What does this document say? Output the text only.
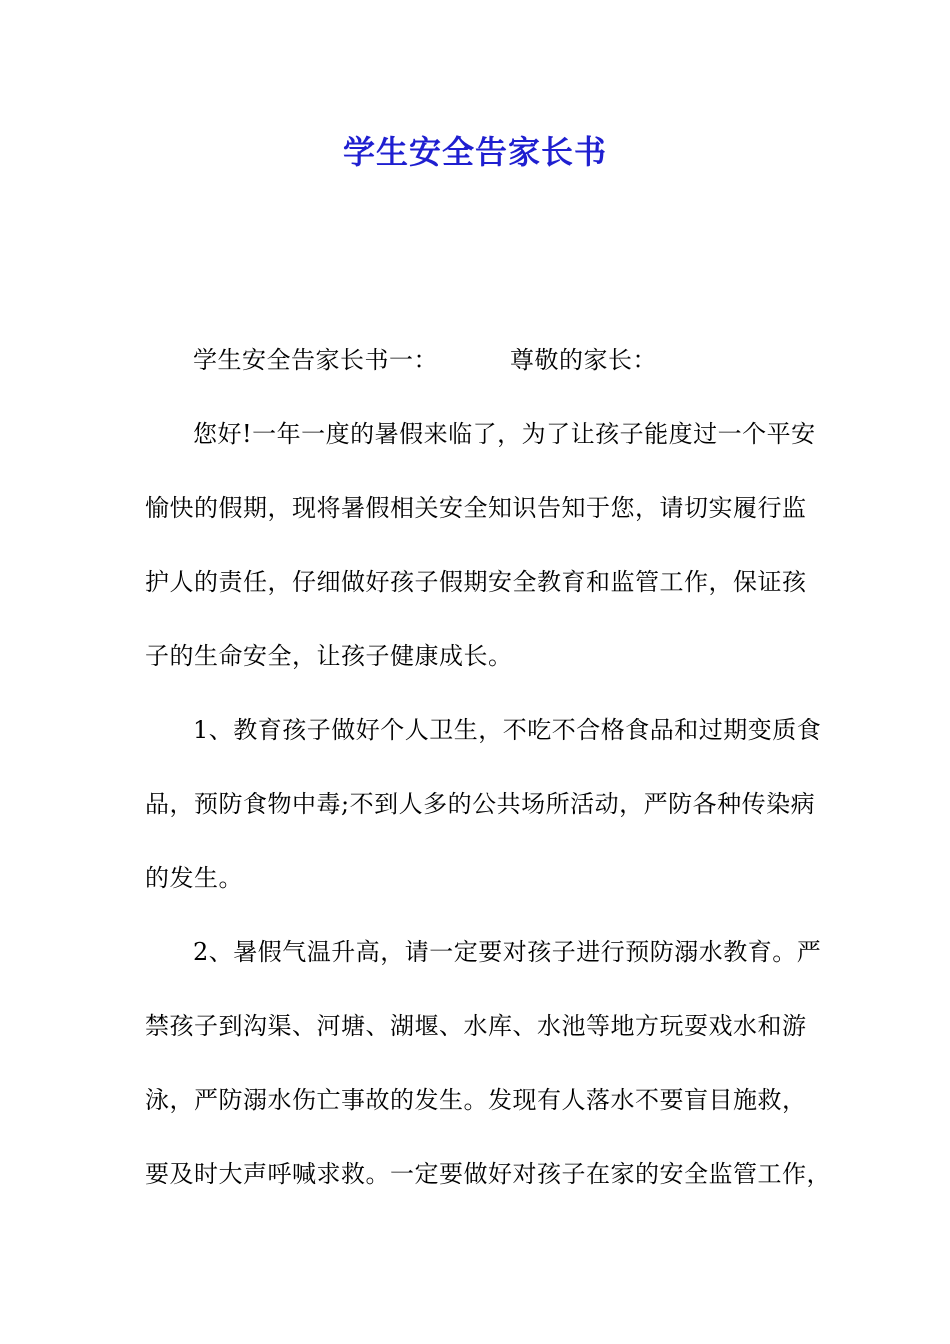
学生安全告家长书
学生安全告家长书一：	尊敬的家长：
您好!一年一度的暑假来临了，为了让孩子能度过一个平安
愉快的假期，现将暑假相关安全知识告知于您，请切实履行监
护人的责任，仔细做好孩子假期安全教育和监管工作，保证孩
子的生命安全，让孩子健康成长。
1、教育孩子做好个人卫生，不吃不合格食品和过期变质食
品，预防食物中毒;不到人多的公共场所活动，严防各种传染病
的发生。
2、暑假气温升高，请一定要对孩子进行预防溺水教育。严
禁孩子到沟渠、河塘、湖堰、水库、水池等地方玩耍戏水和游
泳，严防溺水伤亡事故的发生。发现有人落水不要盲目施救，
要及时大声呼喊求救。一定要做好对孩子在家的安全监管工作，
